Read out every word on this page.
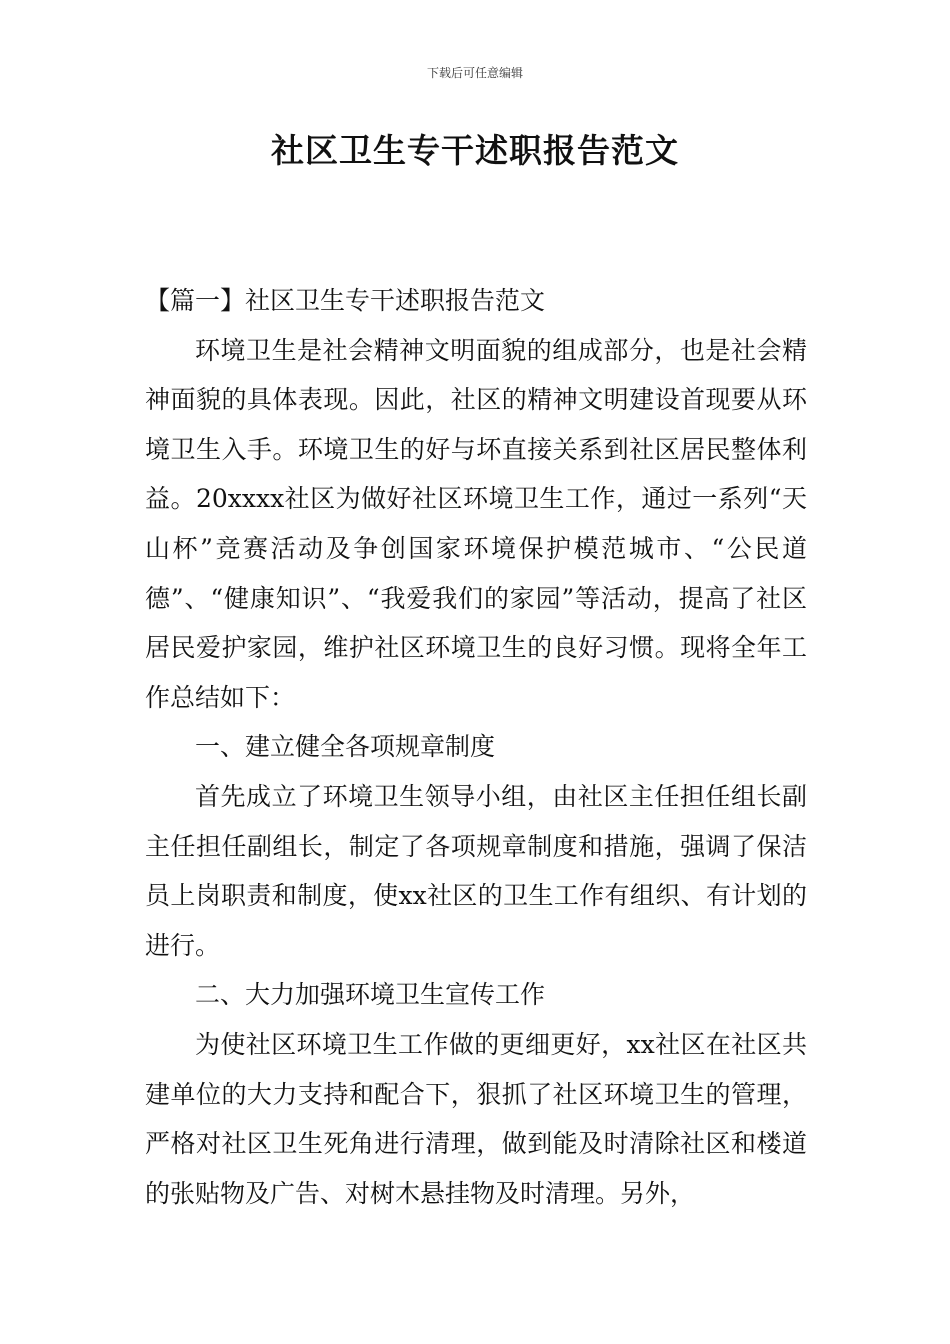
下载后可任意编辑
社区卫生专干述职报告范文

【篇一】社区卫生专干述职报告范文

环境卫生是社会精神文明面貌的组成部分，也是社会精神面貌的具体表现。因此，社区的精神文明建设首现要从环境卫生入手。环境卫生的好与坏直接关系到社区居民整体利益。20xxxx社区为做好社区环境卫生工作，通过一系列“天山杯”竞赛活动及争创国家环境保护模范城市、“公民道德”、“健康知识”、“我爱我们的家园”等活动，提高了社区居民爱护家园，维护社区环境卫生的良好习惯。现将全年工作总结如下：

一、建立健全各项规章制度

首先成立了环境卫生领导小组，由社区主任担任组长副主任担任副组长，制定了各项规章制度和措施，强调了保洁员上岗职责和制度，使xx社区的卫生工作有组织、有计划的进行。

二、大力加强环境卫生宣传工作

为使社区环境卫生工作做的更细更好，xx社区在社区共建单位的大力支持和配合下，狠抓了社区环境卫生的管理，严格对社区卫生死角进行清理，做到能及时清除社区和楼道的张贴物及广告、对树木悬挂物及时清理。另外，
